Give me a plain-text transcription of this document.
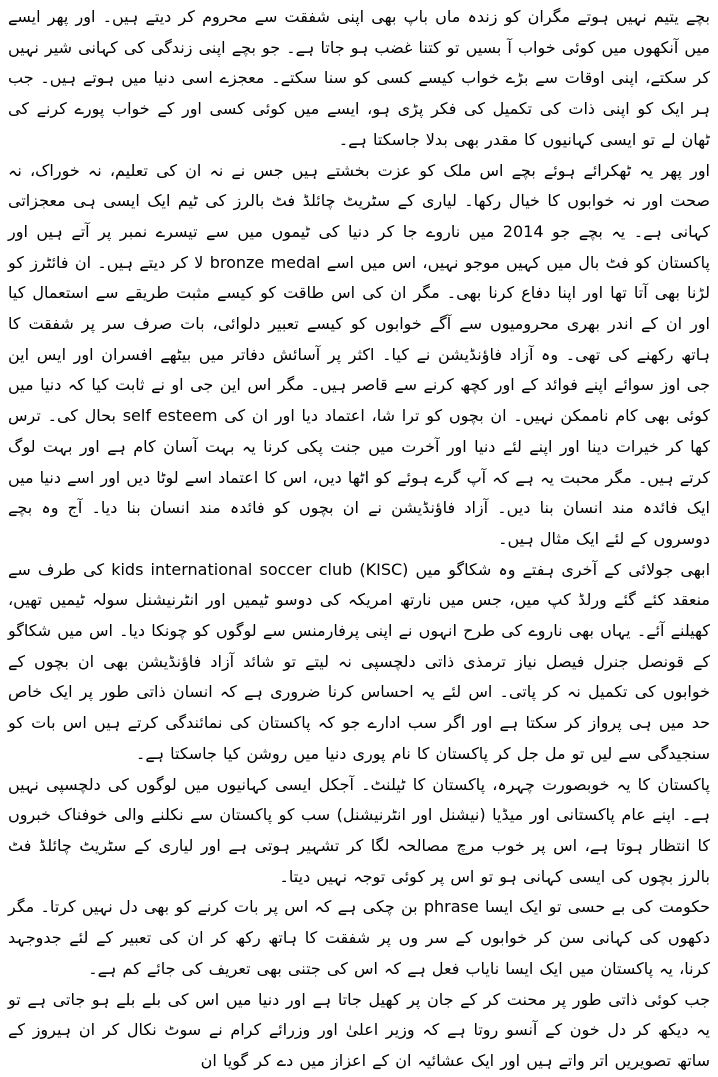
بچے یتیم نہیں ہوتے مگران کو زندہ ماں باپ بھی اپنی شفقت سے محروم کر دیتے ہیں۔ اور پھر ایسے میں آنکھوں میں کوئی خواب آ بسیں تو کتنا غضب ہو جاتا ہے۔ جو بچے اپنی زندگی کی کہانی شیر نہیں کر سکتے، اپنی اوقات سے بڑے خواب کیسے کسی کو سنا سکتے۔ معجزے اسی دنیا میں ہوتے ہیں۔ جب ہر ایک کو اپنی ذات کی تکمیل کی فکر پڑی ہو، ایسے میں کوئی کسی اور کے خواب پورے کرنے کی ٹھان لے تو ایسی کہانیوں کا مقدر بھی بدلا جاسکتا ہے۔

اور پھر یہ ٹھکرائے ہوئے بچے اس ملک کو عزت بخشتے ہیں جس نے نہ ان کی تعلیم، نہ خوراک، نہ صحت اور نہ خوابوں کا خیال رکھا۔ لیاری کے سٹریٹ چائلڈ فٹ بالرز کی ٹیم ایک ایسی ہی معجزاتی کہانی ہے۔ یہ بچے جو 2014 میں ناروے جا کر دنیا کی ٹیموں میں سے تیسرے نمبر پر آتے ہیں اور پاکستان کو فٹ بال میں کہیں موجو نہیں، اس میں اسے bronze medal لا کر دیتے ہیں۔ ان فائٹرز کو لڑنا بھی آتا تھا اور اپنا دفاع کرنا بھی۔ مگر ان کی اس طاقت کو کیسے مثبت طریقے سے استعمال کیا اور ان کے اندر بھری محرومیوں سے آگے خوابوں کو کیسے تعبیر دلوائی، بات صرف سر پر شفقت کا ہاتھ رکھنے کی تھی۔ وہ آزاد فاؤنڈیشن نے کیا۔ اکثر پر آسائش دفاتر میں بیٹھے افسران اور ایس این جی اوز سوائے اپنے فوائد کے اور کچھ کرنے سے قاصر ہیں۔ مگر اس این جی او نے ثابت کیا کہ دنیا میں کوئی بھی کام ناممکن نہیں۔ ان بچوں کو ترا شا، اعتماد دیا اور ان کی self esteem بحال کی۔ ترس کھا کر خیرات دینا اور اپنے لئے دنیا اور آخرت میں جنت پکی کرنا یہ بہت آسان کام ہے اور بہت لوگ کرتے ہیں۔ مگر محبت یہ ہے کہ آپ گرے ہوئے کو اٹھا دیں، اس کا اعتماد اسے لوٹا دیں اور اسے دنیا میں ایک فائدہ مند انسان بنا دیں۔ آزاد فاؤنڈیشن نے ان بچوں کو فائدہ مند انسان بنا دیا۔ آج وہ بچے دوسروں کے لئے ایک مثال ہیں۔

ابھی جولائی کے آخری ہفتے وہ شکاگو میں kids international soccer club (KISC) کی طرف سے منعقد کئے گئے ورلڈ کپ میں، جس میں نارتھ امریکہ کی دوسو ٹیمیں اور انٹرنیشنل سولہ ٹیمیں تھیں، کھیلنے آئے۔ یہاں بھی ناروے کی طرح انہوں نے اپنی پرفارمنس سے لوگوں کو چونکا دیا۔ اس میں شکاگو کے قونصل جنرل فیصل نیاز ترمذی ذاتی دلچسپی نہ لیتے تو شائد آزاد فاؤنڈیشن بھی ان بچوں کے خوابوں کی تکمیل نہ کر پاتی۔ اس لئے یہ احساس کرنا ضروری ہے کہ انسان ذاتی طور پر ایک خاص حد میں ہی پرواز کر سکتا ہے اور اگر سب ادارے جو کہ پاکستان کی نمائندگی کرتے ہیں اس بات کو سنجیدگی سے لیں تو مل جل کر پاکستان کا نام پوری دنیا میں روشن کیا جاسکتا ہے۔

پاکستان کا یہ خوبصورت چہرہ، پاکستان کا ٹیلنٹ۔ آجکل ایسی کہانیوں میں لوگوں کی دلچسپی نہیں ہے۔ اپنے عام پاکستانی اور میڈیا (نیشنل اور انٹرنیشنل) سب کو پاکستان سے نکلنے والی خوفناک خبروں کا انتظار ہوتا ہے، اس پر خوب مرچ مصالحہ لگا کر تشہیر ہوتی ہے اور لیاری کے سٹریٹ چائلڈ فٹ بالرز بچوں کی ایسی کہانی ہو تو اس پر کوئی توجہ نہیں دیتا۔

حکومت کی بے حسی تو ایک ایسا phrase بن چکی ہے کہ اس پر بات کرنے کو بھی دل نہیں کرتا۔ مگر دکھوں کی کہانی سن کر خوابوں کے سر وں پر شفقت کا ہاتھ رکھ کر ان کی تعبیر کے لئے جدوجہد کرنا، یہ پاکستان میں ایک ایسا نایاب فعل ہے کہ اس کی جتنی بھی تعریف کی جائے کم ہے۔

جب کوئی ذاتی طور پر محنت کر کے جان پر کھیل جاتا ہے اور دنیا میں اس کی بلے بلے ہو جاتی ہے تو یہ دیکھ کر دل خون کے آنسو روتا ہے کہ وزیر اعلیٰ اور وزرائے کرام نے سوٹ نکال کر ان ہیروز کے ساتھ تصویریں اتر واتے ہیں اور ایک عشائیہ ان کے اعزاز میں دے کر گویا ان
